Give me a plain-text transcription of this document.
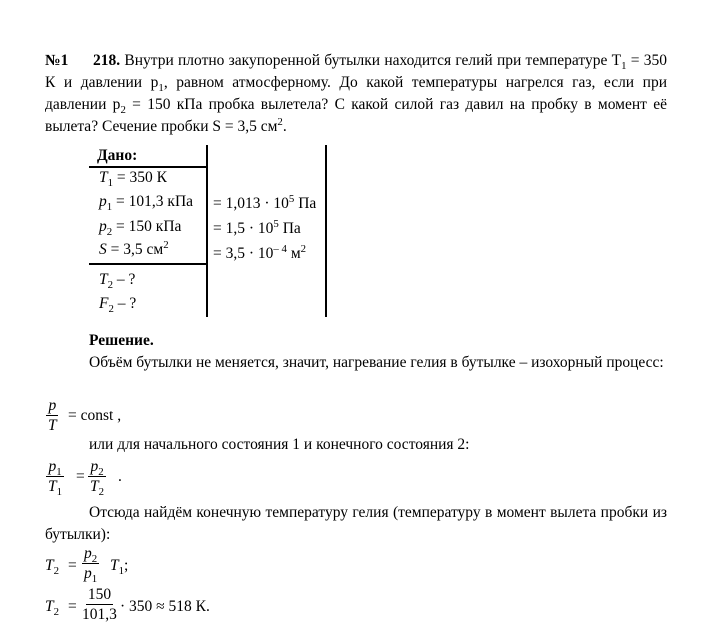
№1 218. Внутри плотно закупоренной бутылки находится гелий при температуре $T_1 = 350$ К и давлении $p_1$, равном атмосферному. До какой температуры нагрелся газ, если при давлении $p_2 = 150$ кПа пробка вылетела? С какой силой газ давил на пробку в момент её вылета? Сечение пробки S = 3,5 $см^2$.
Дано:
$T_1 = 350$ К
$p_1 = 101,3$ кПа
$p_2 = 150$ кПа
S = 3,5 $см^2$
$T_2$ – ?
$F_2$ – ?
= $1,013 \cdot 10^5$ Па
= $1,5 \cdot 10^5$ Па
= $3,5 \cdot 10^{- 4}$ $м^2$
Решение.
Объём бутылки не меняется, значит, нагревание гелия в бутылке – изохорный процесс:
$\frac{p}{T}$ = const ,
или для начального состояния 1 и конечного состояния 2:
$\frac{p_1}{T_1} = \frac{p_2}{T_2}$ .
Отсюда найдём конечную температуру гелия (температуру в момент вылета пробки из бутылки):
$T_2 = \frac{p_2}{p_1} T_1$;
$T_2 = \frac{150}{101,3} \cdot 350 \approx 518$ К.
